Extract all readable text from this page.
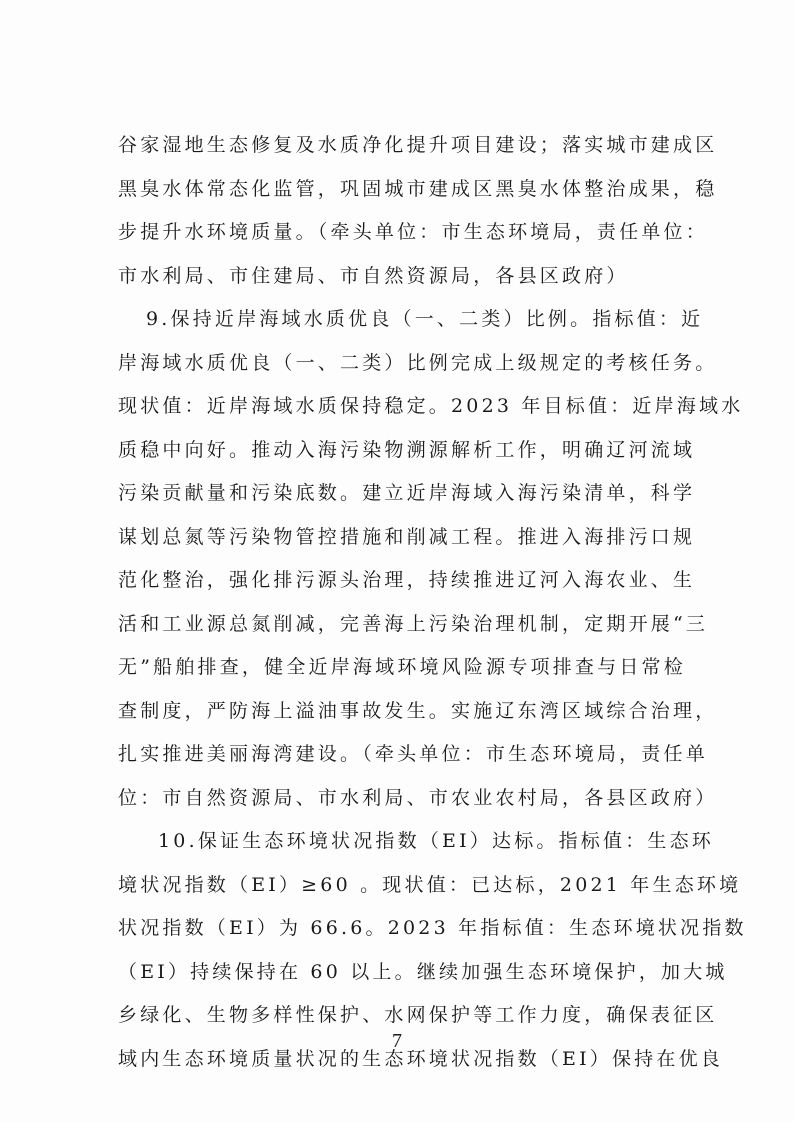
谷家湿地生态修复及水质净化提升项目建设；落实城市建成区
黑臭水体常态化监管，巩固城市建成区黑臭水体整治成果，稳
步提升水环境质量。（牵头单位：市生态环境局，责任单位：
市水利局、市住建局、市自然资源局，各县区政府）
9.保持近岸海域水质优良（一、二类）比例。指标值：近
岸海域水质优良（一、二类）比例完成上级规定的考核任务。
现状值：近岸海域水质保持稳定。2023 年目标值：近岸海域水
质稳中向好。推动入海污染物溯源解析工作，明确辽河流域
污染贡献量和污染底数。建立近岸海域入海污染清单，科学
谋划总氮等污染物管控措施和削减工程。推进入海排污口规
范化整治，强化排污源头治理，持续推进辽河入海农业、生
活和工业源总氮削减，完善海上污染治理机制，定期开展“三
无”船舶排查，健全近岸海域环境风险源专项排查与日常检
查制度，严防海上溢油事故发生。实施辽东湾区域综合治理，
扎实推进美丽海湾建设。（牵头单位：市生态环境局，责任单
位：市自然资源局、市水利局、市农业农村局，各县区政府）
10.保证生态环境状况指数（EI）达标。指标值：生态环
境状况指数（EI）≥60 。现状值：已达标，2021 年生态环境
状况指数（EI）为 66.6。2023 年指标值：生态环境状况指数
（EI）持续保持在 60 以上。继续加强生态环境保护，加大城
乡绿化、生物多样性保护、水网保护等工作力度，确保表征区
域内生态环境质量状况的生态环境状况指数（EI）保持在优良
7
